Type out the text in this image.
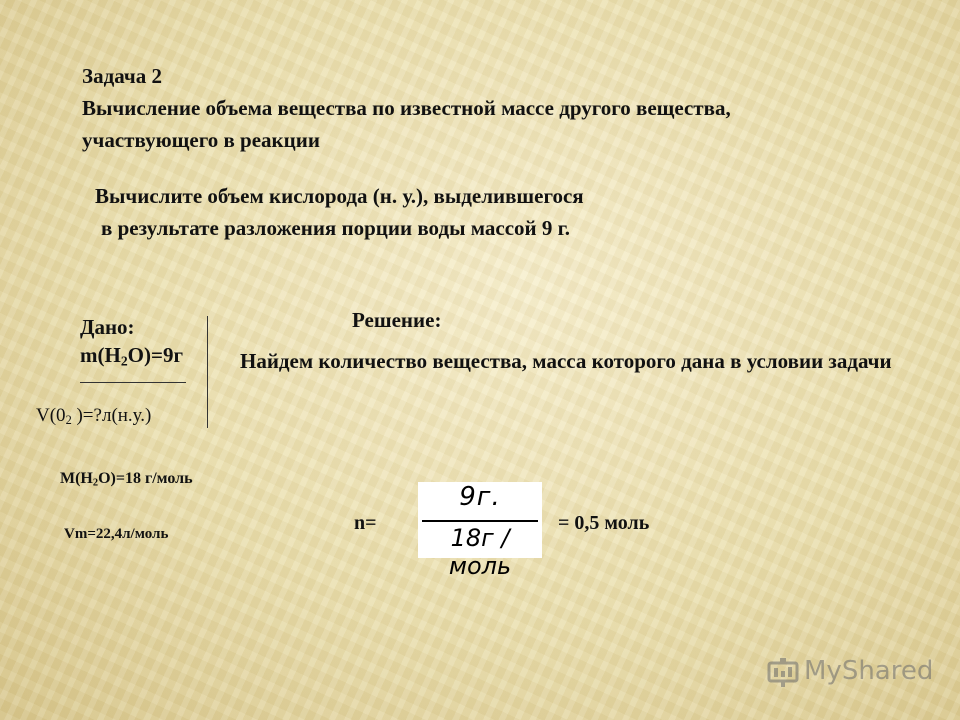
Задача 2
Вычисление объема вещества по известной массе другого вещества, участвующего в реакции
Вычислите объем кислорода (н. у.), выделившегося
в результате разложения порции воды массой 9 г.
Дано:
$m(H_2O)=9г$
$V(0_2$ )=?л(н.у.)
Решение:
Найдем количество вещества, масса которого дана в условии задачи
$M(H_2O)=18$ г/моль
Vm=22,4л/моль	n=
9г.
18г / моль
= 0,5 моль
MyShared
